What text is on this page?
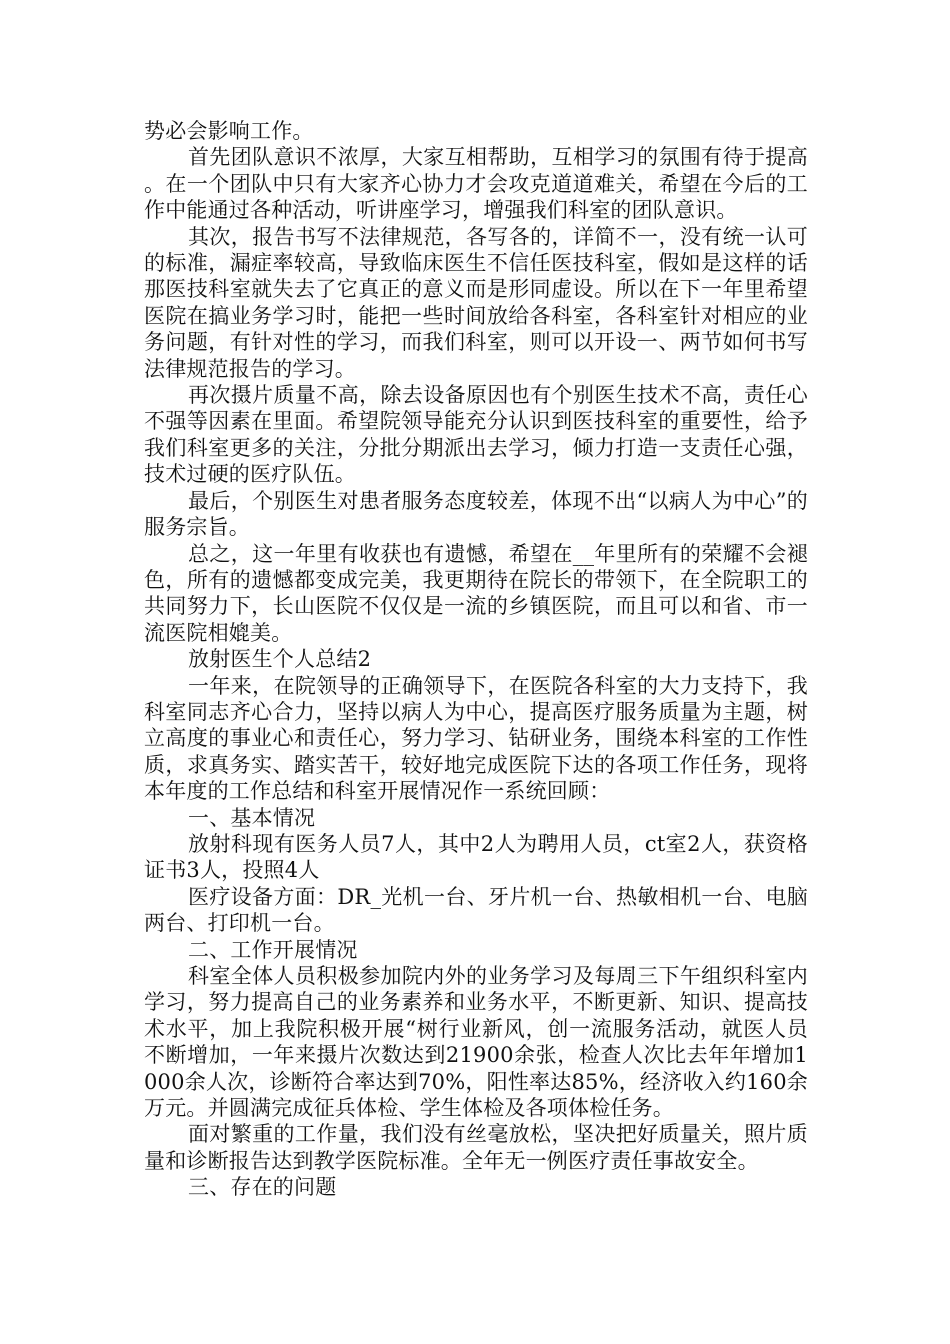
势必会影响工作。

首先团队意识不浓厚，大家互相帮助，互相学习的氛围有待于提高。在一个团队中只有大家齐心协力才会攻克道道难关，希望在今后的工作中能通过各种活动，听讲座学习，增强我们科室的团队意识。

其次，报告书写不法律规范，各写各的，详简不一，没有统一认可的标准，漏症率较高，导致临床医生不信任医技科室，假如是这样的话那医技科室就失去了它真正的意义而是形同虚设。所以在下一年里希望医院在搞业务学习时，能把一些时间放给各科室，各科室针对相应的业务问题，有针对性的学习，而我们科室，则可以开设一、两节如何书写法律规范报告的学习。

再次摄片质量不高，除去设备原因也有个别医生技术不高，责任心不强等因素在里面。希望院领导能充分认识到医技科室的重要性，给予我们科室更多的关注，分批分期派出去学习，倾力打造一支责任心强，技术过硬的医疗队伍。

最后，个别医生对患者服务态度较差，体现不出“以病人为中心”的服务宗旨。

总之，这一年里有收获也有遗憾，希望在__年里所有的荣耀不会褪色，所有的遗憾都变成完美，我更期待在院长的带领下，在全院职工的共同努力下，长山医院不仅仅是一流的乡镇医院，而且可以和省、市一流医院相媲美。

放射医生个人总结2

一年来，在院领导的正确领导下，在医院各科室的大力支持下，我科室同志齐心合力，坚持以病人为中心，提高医疗服务质量为主题，树立高度的事业心和责任心，努力学习、钻研业务，围绕本科室的工作性质，求真务实、踏实苦干，较好地完成医院下达的各项工作任务，现将本年度的工作总结和科室开展情况作一系统回顾：

一、基本情况

放射科现有医务人员7人，其中2人为聘用人员，ct室2人，获资格证书3人，投照4人

医疗设备方面：DR_光机一台、牙片机一台、热敏相机一台、电脑两台、打印机一台。

二、工作开展情况

科室全体人员积极参加院内外的业务学习及每周三下午组织科室内学习，努力提高自己的业务素养和业务水平，不断更新、知识、提高技术水平，加上我院积极开展“树行业新风，创一流服务活动，就医人员不断增加，一年来摄片次数达到21900余张，检查人次比去年年增加1000余人次，诊断符合率达到70%，阳性率达85%，经济收入约160余万元。并圆满完成征兵体检、学生体检及各项体检任务。

面对繁重的工作量，我们没有丝毫放松，坚决把好质量关，照片质量和诊断报告达到教学医院标准。全年无一例医疗责任事故安全。

三、存在的问题
